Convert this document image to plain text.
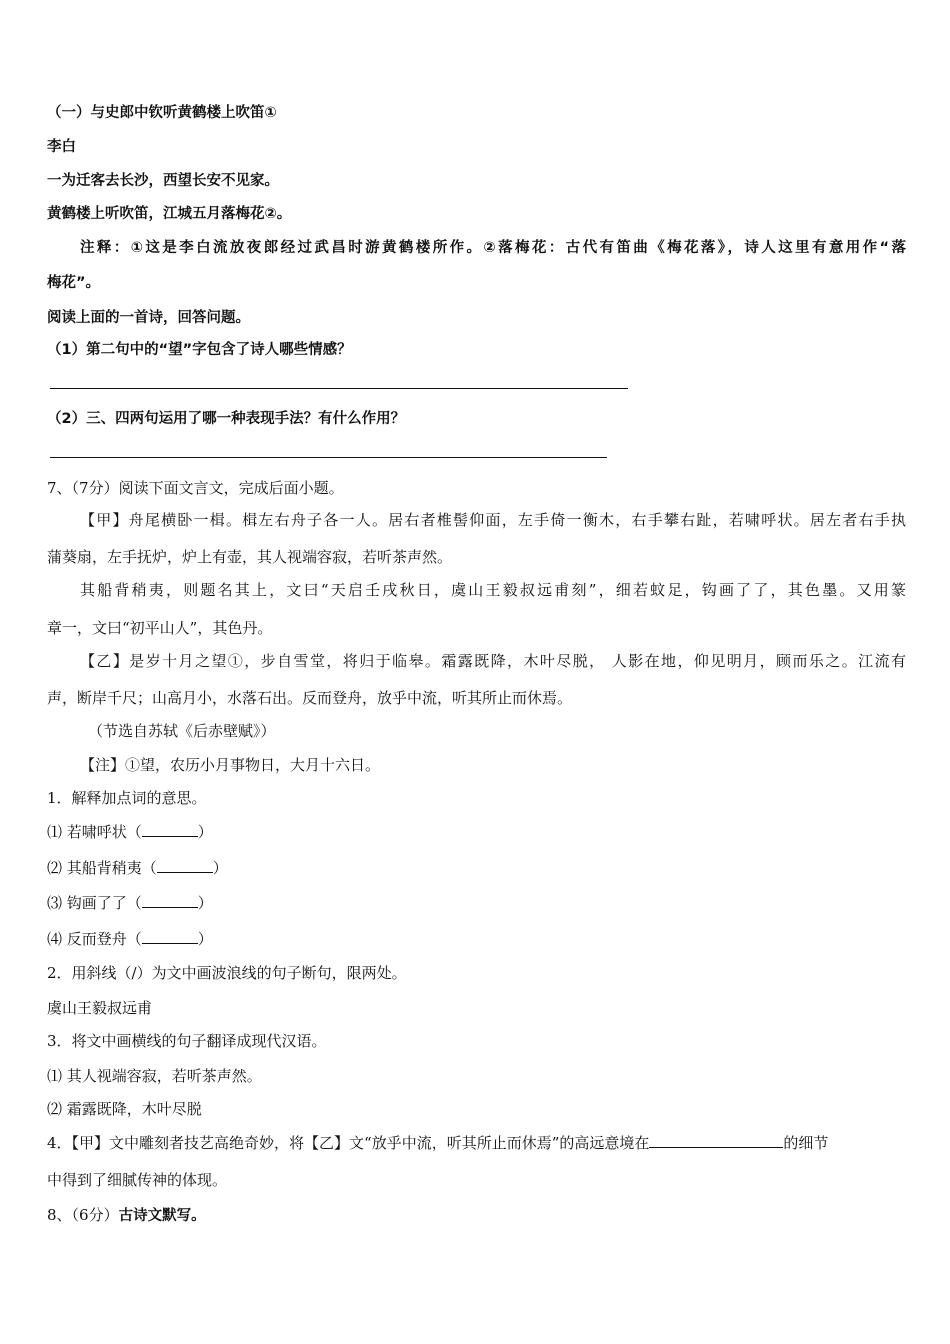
（一）与史郎中钦听黄鹤楼上吹笛①
李白
一为迁客去长沙，西望长安不见家。
黄鹤楼上听吹笛，江城五月落梅花②。
注释：①这是李白流放夜郎经过武昌时游黄鹤楼所作。②落梅花：古代有笛曲《梅花落》，诗人这里有意用作“落
梅花”。
阅读上面的一首诗，回答问题。
（1）第二句中的“望”字包含了诗人哪些情感？
（2）三、四两句运用了哪一种表现手法？有什么作用？
7、（7分）阅读下面文言文，完成后面小题。
【甲】舟尾横卧一楫。楫左右舟子各一人。居右者椎髻仰面，左手倚一衡木，右手攀右趾，若啸呼状。居左者右手执
蒲葵扇，左手抚炉，炉上有壶，其人视端容寂，若听茶声然。
其船背稍夷，则题名其上，文曰“天启壬戌秋日，虞山王毅叔远甫刻”，细若蚊足，钩画了了，其色墨。又用篆
章一，文曰“初平山人”，其色丹。
【乙】是岁十月之望①，步自雪堂，将归于临皋。霜露既降，木叶尽脱， 人影在地，仰见明月，顾而乐之。江流有
声，断岸千尺；山高月小，水落石出。反而登舟，放乎中流，听其所止而休焉。
（节选自苏轼《后赤壁赋》）
【注】①望，农历小月事物日，大月十六日。
1．解释加点词的意思。
⑴ 若啸呼状（	）
⑵ 其船背稍夷（	）
⑶ 钩画了了（	）
⑷ 反而登舟（	）
2．用斜线（/）为文中画波浪线的句子断句，限两处。
虞山王毅叔远甫
3．将文中画横线的句子翻译成现代汉语。
⑴ 其人视端容寂，若听茶声然。
⑵ 霜露既降，木叶尽脱
4．【甲】文中雕刻者技艺高绝奇妙，将【乙】文“放乎中流，听其所止而休焉”的高远意境在	的细节
中得到了细腻传神的体现。
8、（6分）古诗文默写。
